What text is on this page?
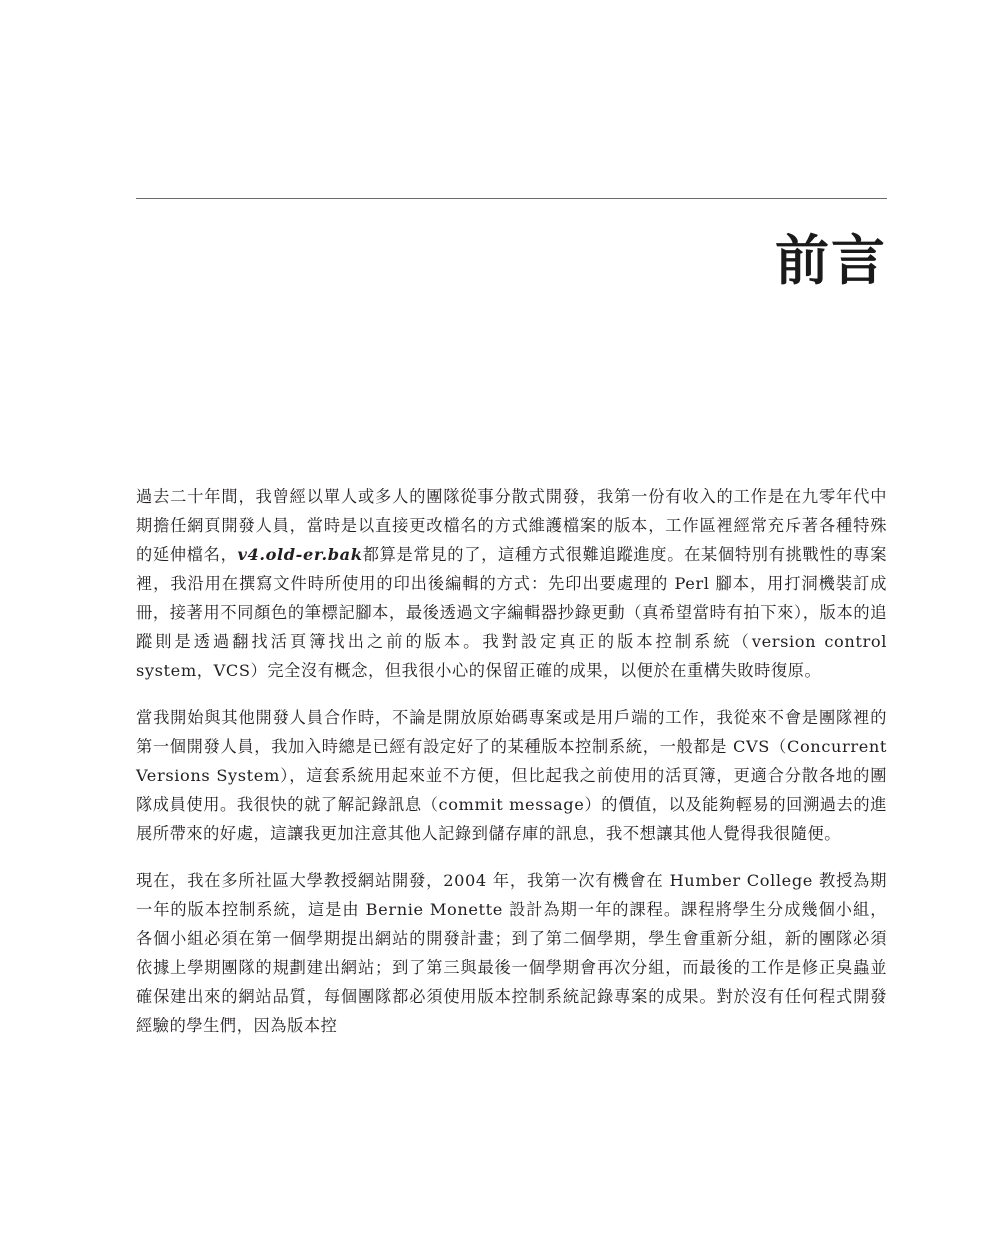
前言

過去二十年間，我曾經以單人或多人的團隊從事分散式開發，我第一份有收入的工作是在九零年代中期擔任網頁開發人員，當時是以直接更改檔名的方式維護檔案的版本，工作區裡經常充斥著各種特殊的延伸檔名，v4.old-er.bak都算是常見的了，這種方式很難追蹤進度。在某個特別有挑戰性的專案裡，我沿用在撰寫文件時所使用的印出後編輯的方式：先印出要處理的 Perl 腳本，用打洞機裝訂成冊，接著用不同顏色的筆標記腳本，最後透過文字編輯器抄錄更動（真希望當時有拍下來），版本的追蹤則是透過翻找活頁簿找出之前的版本。我對設定真正的版本控制系統（version control system，VCS）完全沒有概念，但我很小心的保留正確的成果，以便於在重構失敗時復原。

當我開始與其他開發人員合作時，不論是開放原始碼專案或是用戶端的工作，我從來不會是團隊裡的第一個開發人員，我加入時總是已經有設定好了的某種版本控制系統，一般都是 CVS（Concurrent Versions System），這套系統用起來並不方便，但比起我之前使用的活頁簿，更適合分散各地的團隊成員使用。我很快的就了解記錄訊息（commit message）的價值，以及能夠輕易的回溯過去的進展所帶來的好處，這讓我更加注意其他人記錄到儲存庫的訊息，我不想讓其他人覺得我很隨便。

現在，我在多所社區大學教授網站開發，2004 年，我第一次有機會在 Humber College 教授為期一年的版本控制系統，這是由 Bernie Monette 設計為期一年的課程。課程將學生分成幾個小組，各個小組必須在第一個學期提出網站的開發計畫；到了第二個學期，學生會重新分組，新的團隊必須依據上學期團隊的規劃建出網站；到了第三與最後一個學期會再次分組，而最後的工作是修正臭蟲並確保建出來的網站品質，每個團隊都必須使用版本控制系統記錄專案的成果。對於沒有任何程式開發經驗的學生們，因為版本控
